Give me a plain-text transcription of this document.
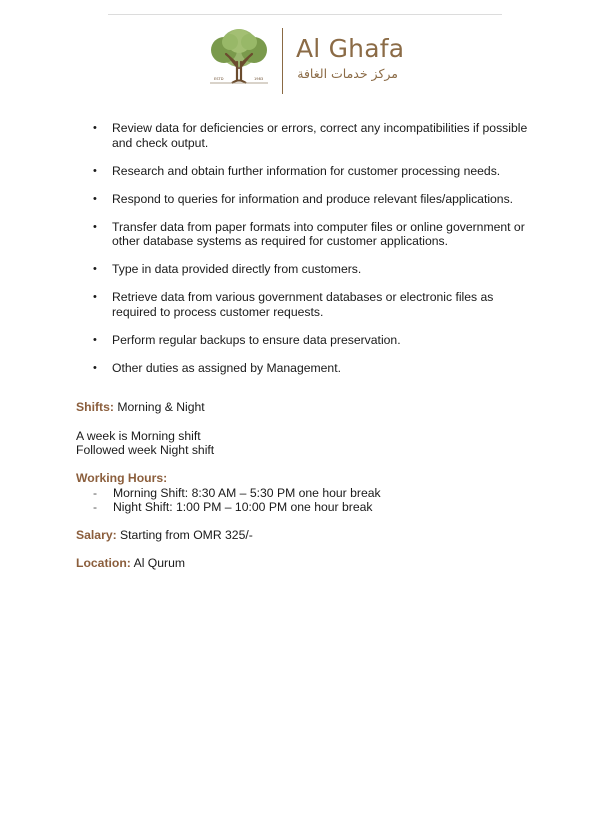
ESTD	1983
Al Ghafa
مركز خدمات الغافة
• Review data for deficiencies or errors, correct any incompatibilities if possible and check output.
• Research and obtain further information for customer processing needs.
• Respond to queries for information and produce relevant files/applications.
• Transfer data from paper formats into computer files or online government or other database systems as required for customer applications.
• Type in data provided directly from customers.
• Retrieve data from various government databases or electronic files as required to process customer requests.
• Perform regular backups to ensure data preservation.
• Other duties as assigned by Management.
Shifts: Morning & Night
A week is Morning shift
Followed week Night shift
Working Hours:
- Morning Shift: 8:30 AM – 5:30 PM one hour break
- Night Shift: 1:00 PM – 10:00 PM one hour break
Salary: Starting from OMR 325/-
Location: Al Qurum
